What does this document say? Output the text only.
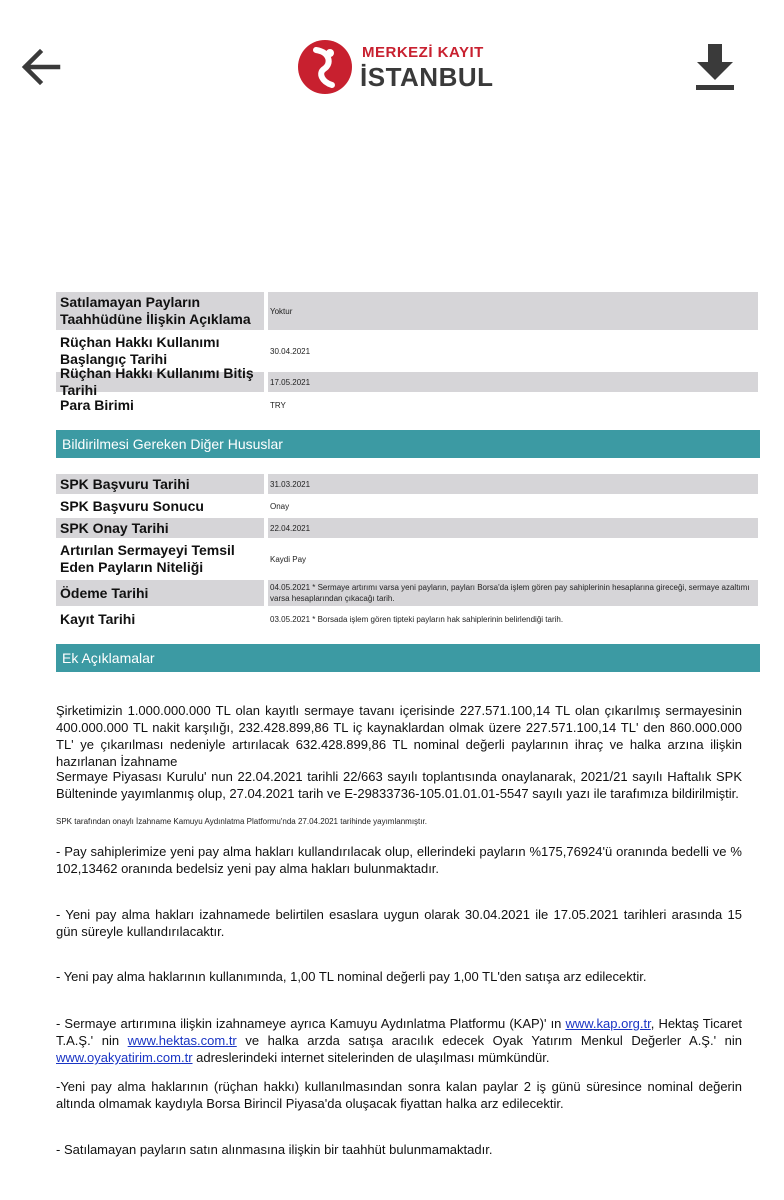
MERKEZİ KAYIT
İSTANBUL
Satılamayan Payların Taahhüdüne İlişkin Açıklama	Yoktur
Rüçhan Hakkı Kullanımı Başlangıç Tarihi	30.04.2021
Rüçhan Hakkı Kullanımı Bitiş Tarihi	17.05.2021
Para Birimi	TRY
Bildirilmesi Gereken Diğer Hususlar
SPK Başvuru Tarihi	31.03.2021
SPK Başvuru Sonucu	Onay
SPK Onay Tarihi	22.04.2021
Artırılan Sermayeyi Temsil Eden Payların Niteliği	Kaydi Pay
Ödeme Tarihi	04.05.2021 * Sermaye artırımı varsa yeni payların, payları Borsa'da işlem gören pay sahiplerinin hesaplarına gireceği, sermaye azaltımı varsa hesaplarından çıkacağı tarih.
Kayıt Tarihi	03.05.2021 * Borsada işlem gören tipteki payların hak sahiplerinin belirlendiği tarih.
Ek Açıklamalar
Şirketimizin 1.000.000.000 TL olan kayıtlı sermaye tavanı içerisinde 227.571.100,14 TL olan çıkarılmış sermayesinin 400.000.000 TL nakit karşılığı, 232.428.899,86 TL iç kaynaklardan olmak üzere 227.571.100,14 TL' den 860.000.000 TL' ye çıkarılması nedeniyle artırılacak 632.428.899,86 TL nominal değerli paylarının ihraç ve halka arzına ilişkin hazırlanan İzahname
Sermaye Piyasası Kurulu' nun 22.04.2021 tarihli 22/663 sayılı toplantısında onaylanarak, 2021/21 sayılı Haftalık SPK Bülteninde yayımlanmış olup, 27.04.2021 tarih ve E-29833736-105.01.01.01-5547 sayılı yazı ile tarafımıza bildirilmiştir.
SPK tarafından onaylı İzahname Kamuyu Aydınlatma Platformu'nda 27.04.2021 tarihinde yayımlanmıştır.
- Pay sahiplerimize yeni pay alma hakları kullandırılacak olup, ellerindeki payların %175,76924'ü oranında bedelli ve % 102,13462 oranında bedelsiz yeni pay alma hakları bulunmaktadır.
- Yeni pay alma hakları izahnamede belirtilen esaslara uygun olarak 30.04.2021 ile 17.05.2021 tarihleri arasında 15 gün süreyle kullandırılacaktır.
- Yeni pay alma haklarının kullanımında, 1,00 TL nominal değerli pay 1,00 TL'den satışa arz edilecektir.
- Sermaye artırımına ilişkin izahnameye ayrıca Kamuyu Aydınlatma Platformu (KAP)' ın www.kap.org.tr, Hektaş Ticaret T.A.Ş.' nin www.hektas.com.tr ve halka arzda satışa aracılık edecek Oyak Yatırım Menkul Değerler A.Ş.' nin www.oyakyatirim.com.tr adreslerindeki internet sitelerinden de ulaşılması mümkündür.
-Yeni pay alma haklarının (rüçhan hakkı) kullanılmasından sonra kalan paylar 2 iş günü süresince nominal değerin altında olmamak kaydıyla Borsa Birincil Piyasa'da oluşacak fiyattan halka arz edilecektir.
- Satılamayan payların satın alınmasına ilişkin bir taahhüt bulunmamaktadır.
